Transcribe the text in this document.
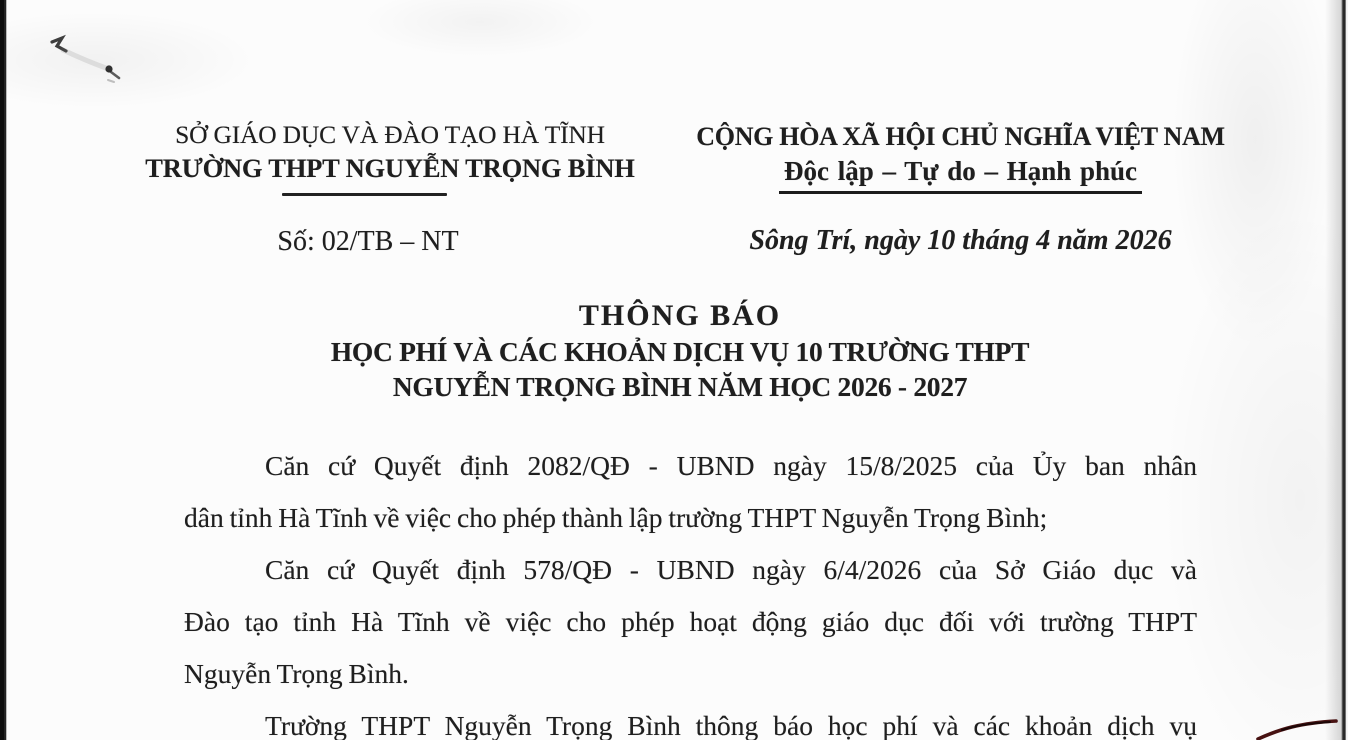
SỞ GIÁO DỤC VÀ ĐÀO TẠO HÀ TĨNH
TRƯỜNG THPT NGUYỄN TRỌNG BÌNH
Số: 02/TB – NT
CỘNG HÒA XÃ HỘI CHỦ NGHĨA VIỆT NAM
Độc lập – Tự do – Hạnh phúc
Sông Trí, ngày 10 tháng 4 năm 2026
THÔNG BÁO
HỌC PHÍ VÀ CÁC KHOẢN DỊCH VỤ 10 TRƯỜNG THPT
NGUYỄN TRỌNG BÌNH NĂM HỌC 2026 - 2027
Căn cứ Quyết định 2082/QĐ - UBND ngày 15/8/2025 của Ủy ban nhân
dân tỉnh Hà Tĩnh về việc cho phép thành lập trường THPT Nguyễn Trọng Bình;
Căn cứ Quyết định 578/QĐ - UBND ngày 6/4/2026 của Sở Giáo dục và
Đào tạo tỉnh Hà Tĩnh về việc cho phép hoạt động giáo dục đối với trường THPT
Nguyễn Trọng Bình.
Trường THPT Nguyễn Trọng Bình thông báo học phí và các khoản dịch vụ
